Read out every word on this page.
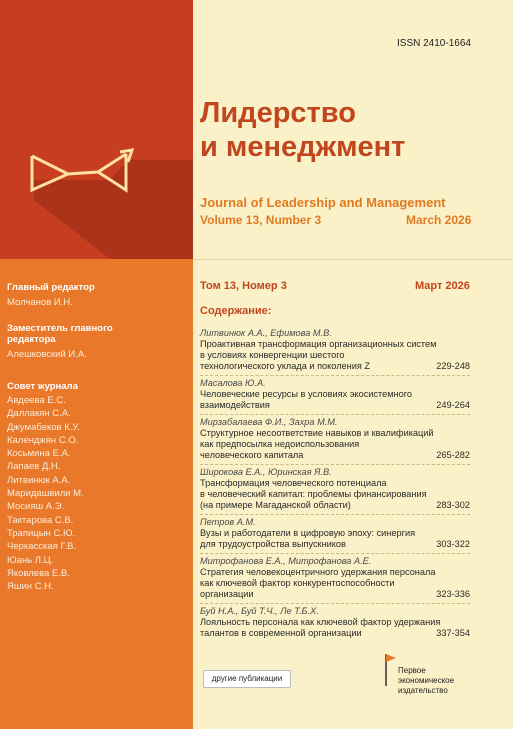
Главный редактор
Молчанов И.Н.
Заместитель главного
редактора
Алешковский И.А.
Совет журнала
Авдеева Е.С.
Даллакян С.А.
Джумабеков К.У.
Календжян С.О.
Косьмина Е.А.
Лапаев Д.Н.
Литвинюк А.А.
Маридашвили М.
Мосияш А.Э.
Тактарова С.В.
Трапицын С.Ю.
Черкасская Г.В.
Юань Л.Ц.
Яковлева Е.В.
Яшин С.Н.
ISSN 2410-1664
Лидерство
и менеджмент
Journal of Leadership and Management
Volume 13, Number 3	March 2026
Том 13, Номер 3	Март 2026
Содержание:
Литвинюк А.А., Ефимова М.В.
Проактивная трансформация организационных систем
в условиях конвергенции шестого
технологического уклада и поколения Z	229-248
Масалова Ю.А.
Человеческие ресурсы в условиях экосистемного
взаимодействия	249-264
Мирзабалаева Ф.И., Захра М.М.
Структурное несоответствие навыков и квалификаций
как предпосылка недоиспользования
человеческого капитала	265-282
Широкова Е.А., Юринская Я.В.
Трансформация человеческого потенциала
в человеческий капитал: проблемы финансирования
(на примере Магаданской области)	283-302
Петров А.М.
Вузы и работодатели в цифровую эпоху: синергия
для трудоустройства выпускников	303-322
Митрофанова Е.А., Митрофанова А.Е.
Стратегия человекоцентричного удержания персонала
как ключевой фактор конкурентоспособности
организации	323-336
Буй Н.А., Буй Т.Ч., Ле Т.Б.Х.
Лояльность персонала как ключевой фактор удержания
талантов в современной организации	337-354
другие публикации
Первое
экономическое
издательство
